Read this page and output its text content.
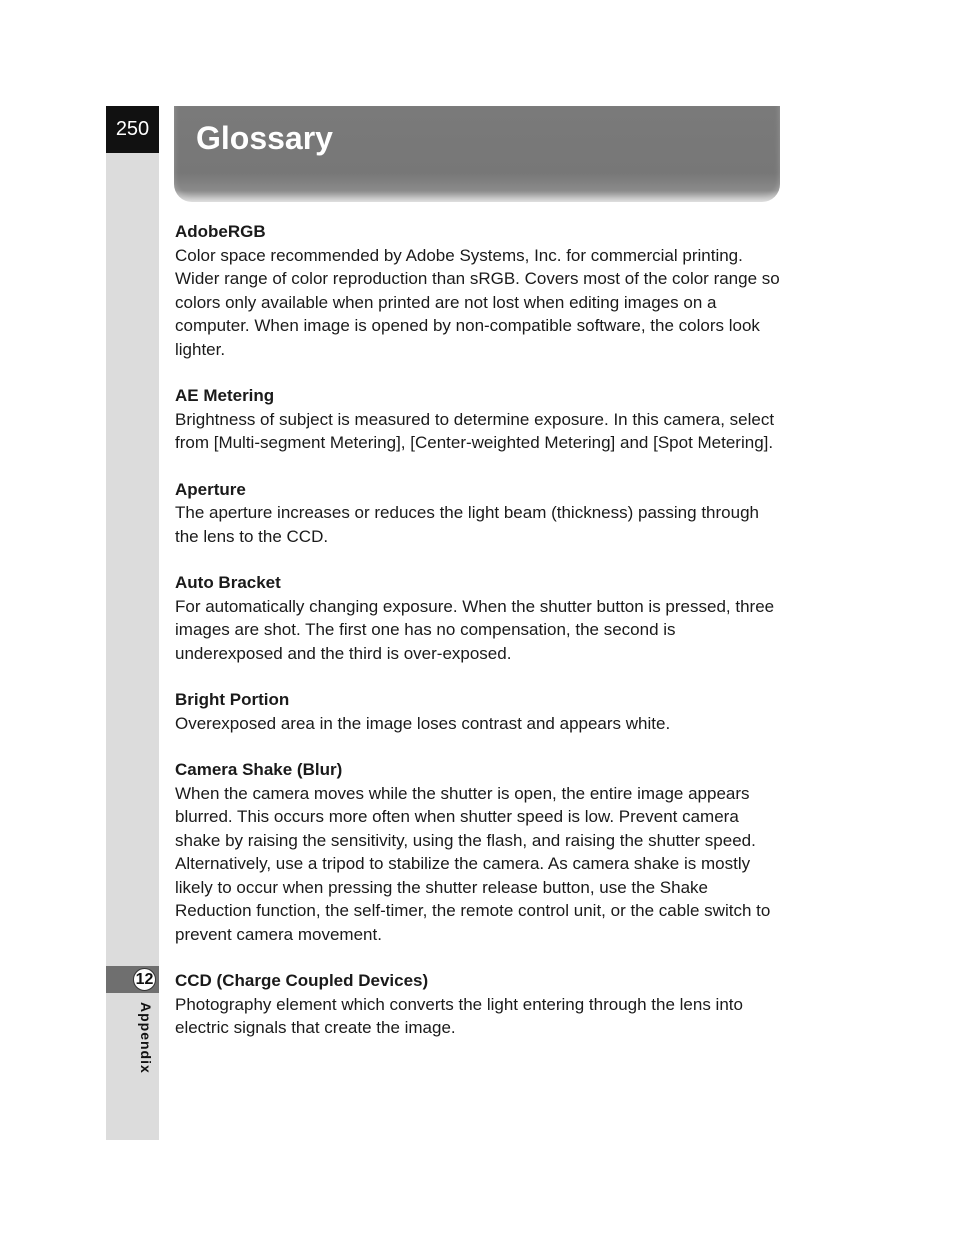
250
12
Appendix
Glossary

AdobeRGB

Color space recommended by Adobe Systems, Inc. for commercial printing. Wider range of color reproduction than sRGB. Covers most of the color range so colors only available when printed are not lost when editing images on a computer. When image is opened by non-compatible software, the colors look lighter.

AE Metering

Brightness of subject is measured to determine exposure. In this camera, select from [Multi-segment Metering], [Center-weighted Metering] and [Spot Metering].

Aperture

The aperture increases or reduces the light beam (thickness) passing through the lens to the CCD.

Auto Bracket

For automatically changing exposure. When the shutter button is pressed, three images are shot. The first one has no compensation, the second is underexposed and the third is over-exposed.

Bright Portion

Overexposed area in the image loses contrast and appears white.

Camera Shake (Blur)

When the camera moves while the shutter is open, the entire image appears blurred. This occurs more often when shutter speed is low. Prevent camera shake by raising the sensitivity, using the flash, and raising the shutter speed. Alternatively, use a tripod to stabilize the camera. As camera shake is mostly likely to occur when pressing the shutter release button, use the Shake Reduction function, the self-timer, the remote control unit, or the cable switch to prevent camera movement.

CCD (Charge Coupled Devices)

Photography element which converts the light entering through the lens into electric signals that create the image.
